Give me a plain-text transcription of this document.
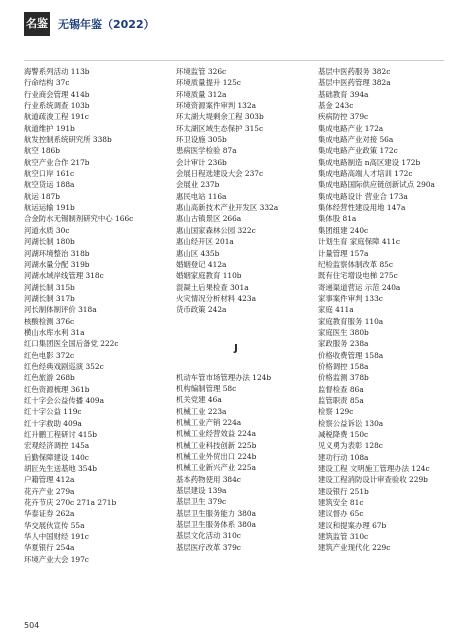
名鉴 无锡年鉴（2022）
海警系列活动 113b
行命结构 37c
行业商会管理 414b
行业系统调查 103b
航道疏浚工程 191c
航道维护 191b
航发控制系统研究所 338b
航空 186b
航空产业合作 217b
航空口岸 161c
航空货运 188a
航运 187b
航运运输 191b
合金防水无锡制剂研究中心 166c
河道水质 30c
河湖长制 180b
河湖环境整治 318b
河湖水量分配 319b
河湖水域岸线管理 318c
河湖长制 315b
河湖长制 317b
河长制体制评价 318a
核酸检测 376c
横山水库水利 31a
红口集团医全国后备党 222c
红色电影 372c
红色经典戏剧巡演 352c
红色旅游 268b
红色资源梳理 361b
红十字会公益传播 409a
红十字公益 119c
红十字救助 409a
红升鹏工程研讨 415b
宏观经济调控 145a
后勤保障建设 140c
胡匠先生送基地 354b
户籍管理 412a
花卉产业 279a
花卉节庆 270c 271a 271b
华泰证券 262a
华交展伙宣传 55a
华人中国财经 191c
华夏银行 254a
环境产业大会 197c
环境监管 326c
环境质量提升 125c
环境质量 312a
环境资源案件审判 132a
环太湖大堤剩余工程 303b
环太湖区域生态保护 315c
环卫设施 305b
患病医学检验 87a
会计审计 236b
会展日程选建设大会 237c
会展业 237b
惠民电站 116a
惠山高新技术产业开发区 332a
惠山古镇景区 266a
惠山国家森林公园 322c
惠山经开区 201a
惠山区 435b
婚姻登记 412a
婚姻家庭教育 110b
混凝土后果检查 301a
火灾情况分析材料 423a
货币政策 242a
J
机动车管市场管理办法 124b
机构编制管理 58c
机关党建 46a
机械工业 223a
机械工业产销 224a
机械工业经营效益 224a
机械工业科技创新 225b
机械工业外贸出口 224b
机械工业新兴产业 225a
基本药物使用 384c
基层建设 139a
基层卫生 379c
基层卫生服务能力 380a
基层卫生服务体系 380a
基层文化活动 310c
基层医疗改革 379c
基层中医药服务 382c
基层中医药管理 382a
基础教育 394a
基金 243c
疾病防控 379c
集成电路产业 172a
集成电路产业对接 56a
集成电路产业政策 172c
集成电路制造 n高区建设 172b
集成电路高端人才培训 172c
集成电路国际供应链创新试点 290a
集成电路设计 营业合 173a
集体经营性建设用地 147a
集体股 81a
集团组建 240c
计划生育 家庭保障 411c
计量管理 157a
纪检监察体制改革 85c
既有住宅增设电梯 275c
寄递渠道营运 示范 240a
家事案件审判 133c
家庭 411a
家庭教育服务 110a
家庭医生 380b
家政服务 238a
价格收费管理 158a
价格调控 158a
价格监测 378b
监督检查 86a
监管职责 85a
检察 129c
检察公益诉讼 130a
减税降费 150c
见义勇为表彰 128c
建功行动 108a
建设工程 文明施工管理办法 124c
建设工程消防设计审查验收 229b
建设银行 251b
建筑安全 81c
建议督办 65c
建议和提案办理 67b
建筑监管 310c
建筑产业现代化 229c
504
